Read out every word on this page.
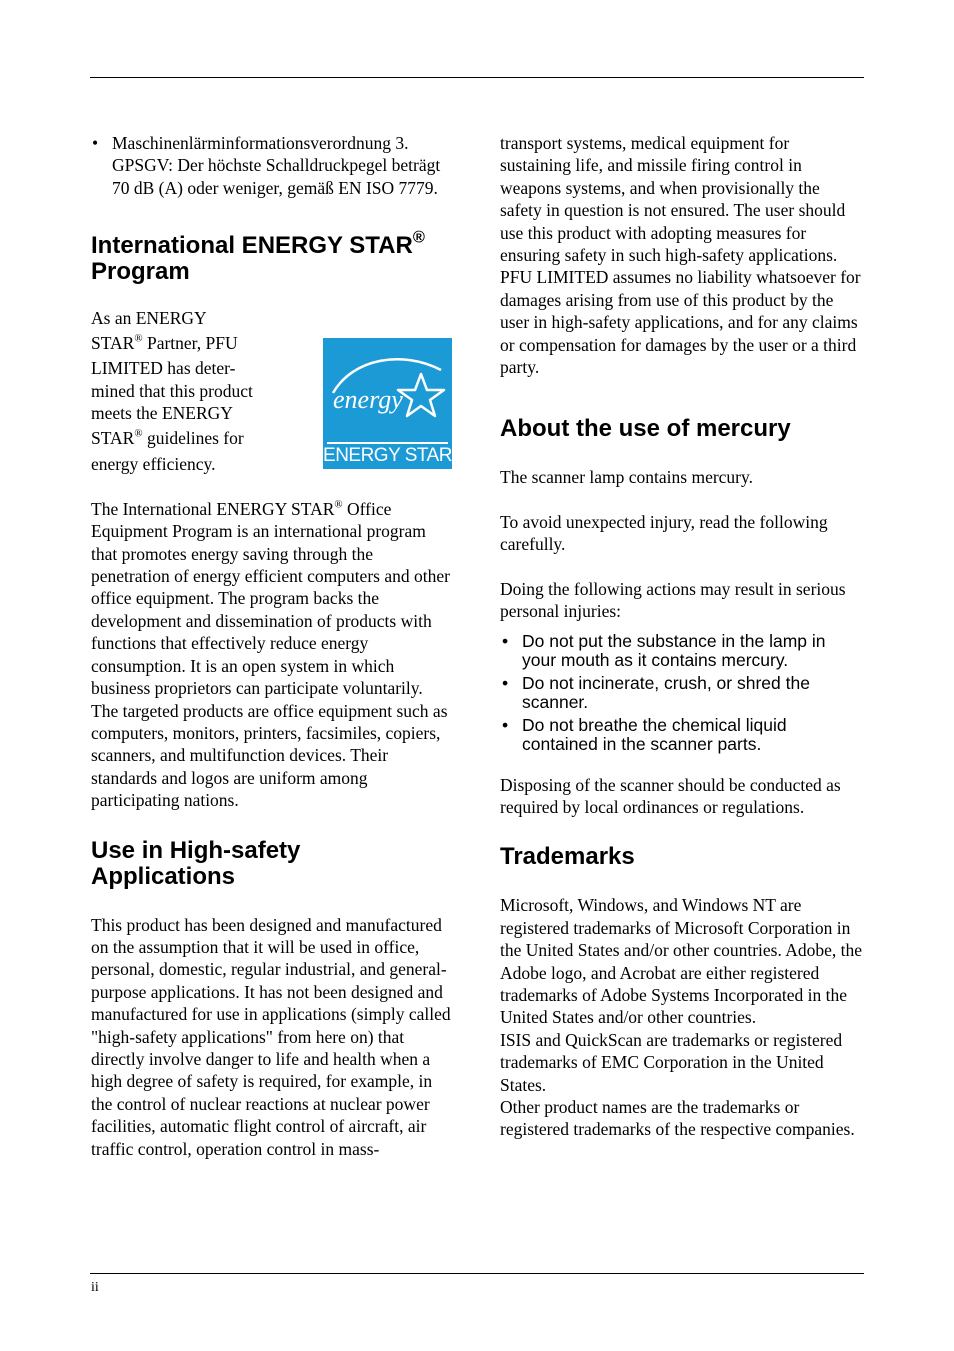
• Maschinenlärminformationsverordnung 3. GPSGV: Der höchste Schalldruckpegel beträgt 70 dB (A) oder weniger, gemäß EN ISO 7779.
International ENERGY STAR®
Program

As an ENERGY

STAR® Partner, PFU

LIMITED has deter-

mined that this product

meets the ENERGY

STAR® guidelines for

energy efficiency.

The International ENERGY STAR® Office Equipment Program is an international program that promotes energy saving through the penetration of energy efficient computers and other office equipment. The program backs the development and dissemination of products with functions that effectively reduce energy consumption. It is an open system in which business proprietors can participate voluntarily. The targeted products are office equipment such as computers, monitors, printers, facsimiles, copiers, scanners, and multifunction devices. Their standards and logos are uniform among participating nations.

Use in High-safety Applications

This product has been designed and manufactured on the assumption that it will be used in office, personal, domestic, regular industrial, and general-purpose applications. It has not been designed and manufactured for use in applications (simply called "high-safety applications" from here on) that directly involve danger to life and health when a high degree of safety is required, for example, in the control of nuclear reactions at nuclear power facilities, automatic flight control of aircraft, air traffic control, operation control in mass-

energy
ENERGY STAR

transport systems, medical equipment for sustaining life, and missile firing control in weapons systems, and when provisionally the safety in question is not ensured. The user should use this product with adopting measures for ensuring safety in such high-safety applications. PFU LIMITED assumes no liability whatsoever for damages arising from use of this product by the user in high-safety applications, and for any claims or compensation for damages by the user or a third party.

About the use of mercury

The scanner lamp contains mercury.

To avoid unexpected injury, read the following carefully.

Doing the following actions may result in serious personal injuries:

• Do not put the substance in the lamp in your mouth as it contains mercury.
• Do not incinerate, crush, or shred the scanner.
• Do not breathe the chemical liquid contained in the scanner parts.

Disposing of the scanner should be conducted as required by local ordinances or regulations.

Trademarks

Microsoft, Windows, and Windows NT are registered trademarks of Microsoft Corporation in the United States and/or other countries. Adobe, the Adobe logo, and Acrobat are either registered trademarks of Adobe Systems Incorporated in the United States and/or other countries.

ISIS and QuickScan are trademarks or registered trademarks of EMC Corporation in the United States.

Other product names are the trademarks or registered trademarks of the respective companies.

ii
